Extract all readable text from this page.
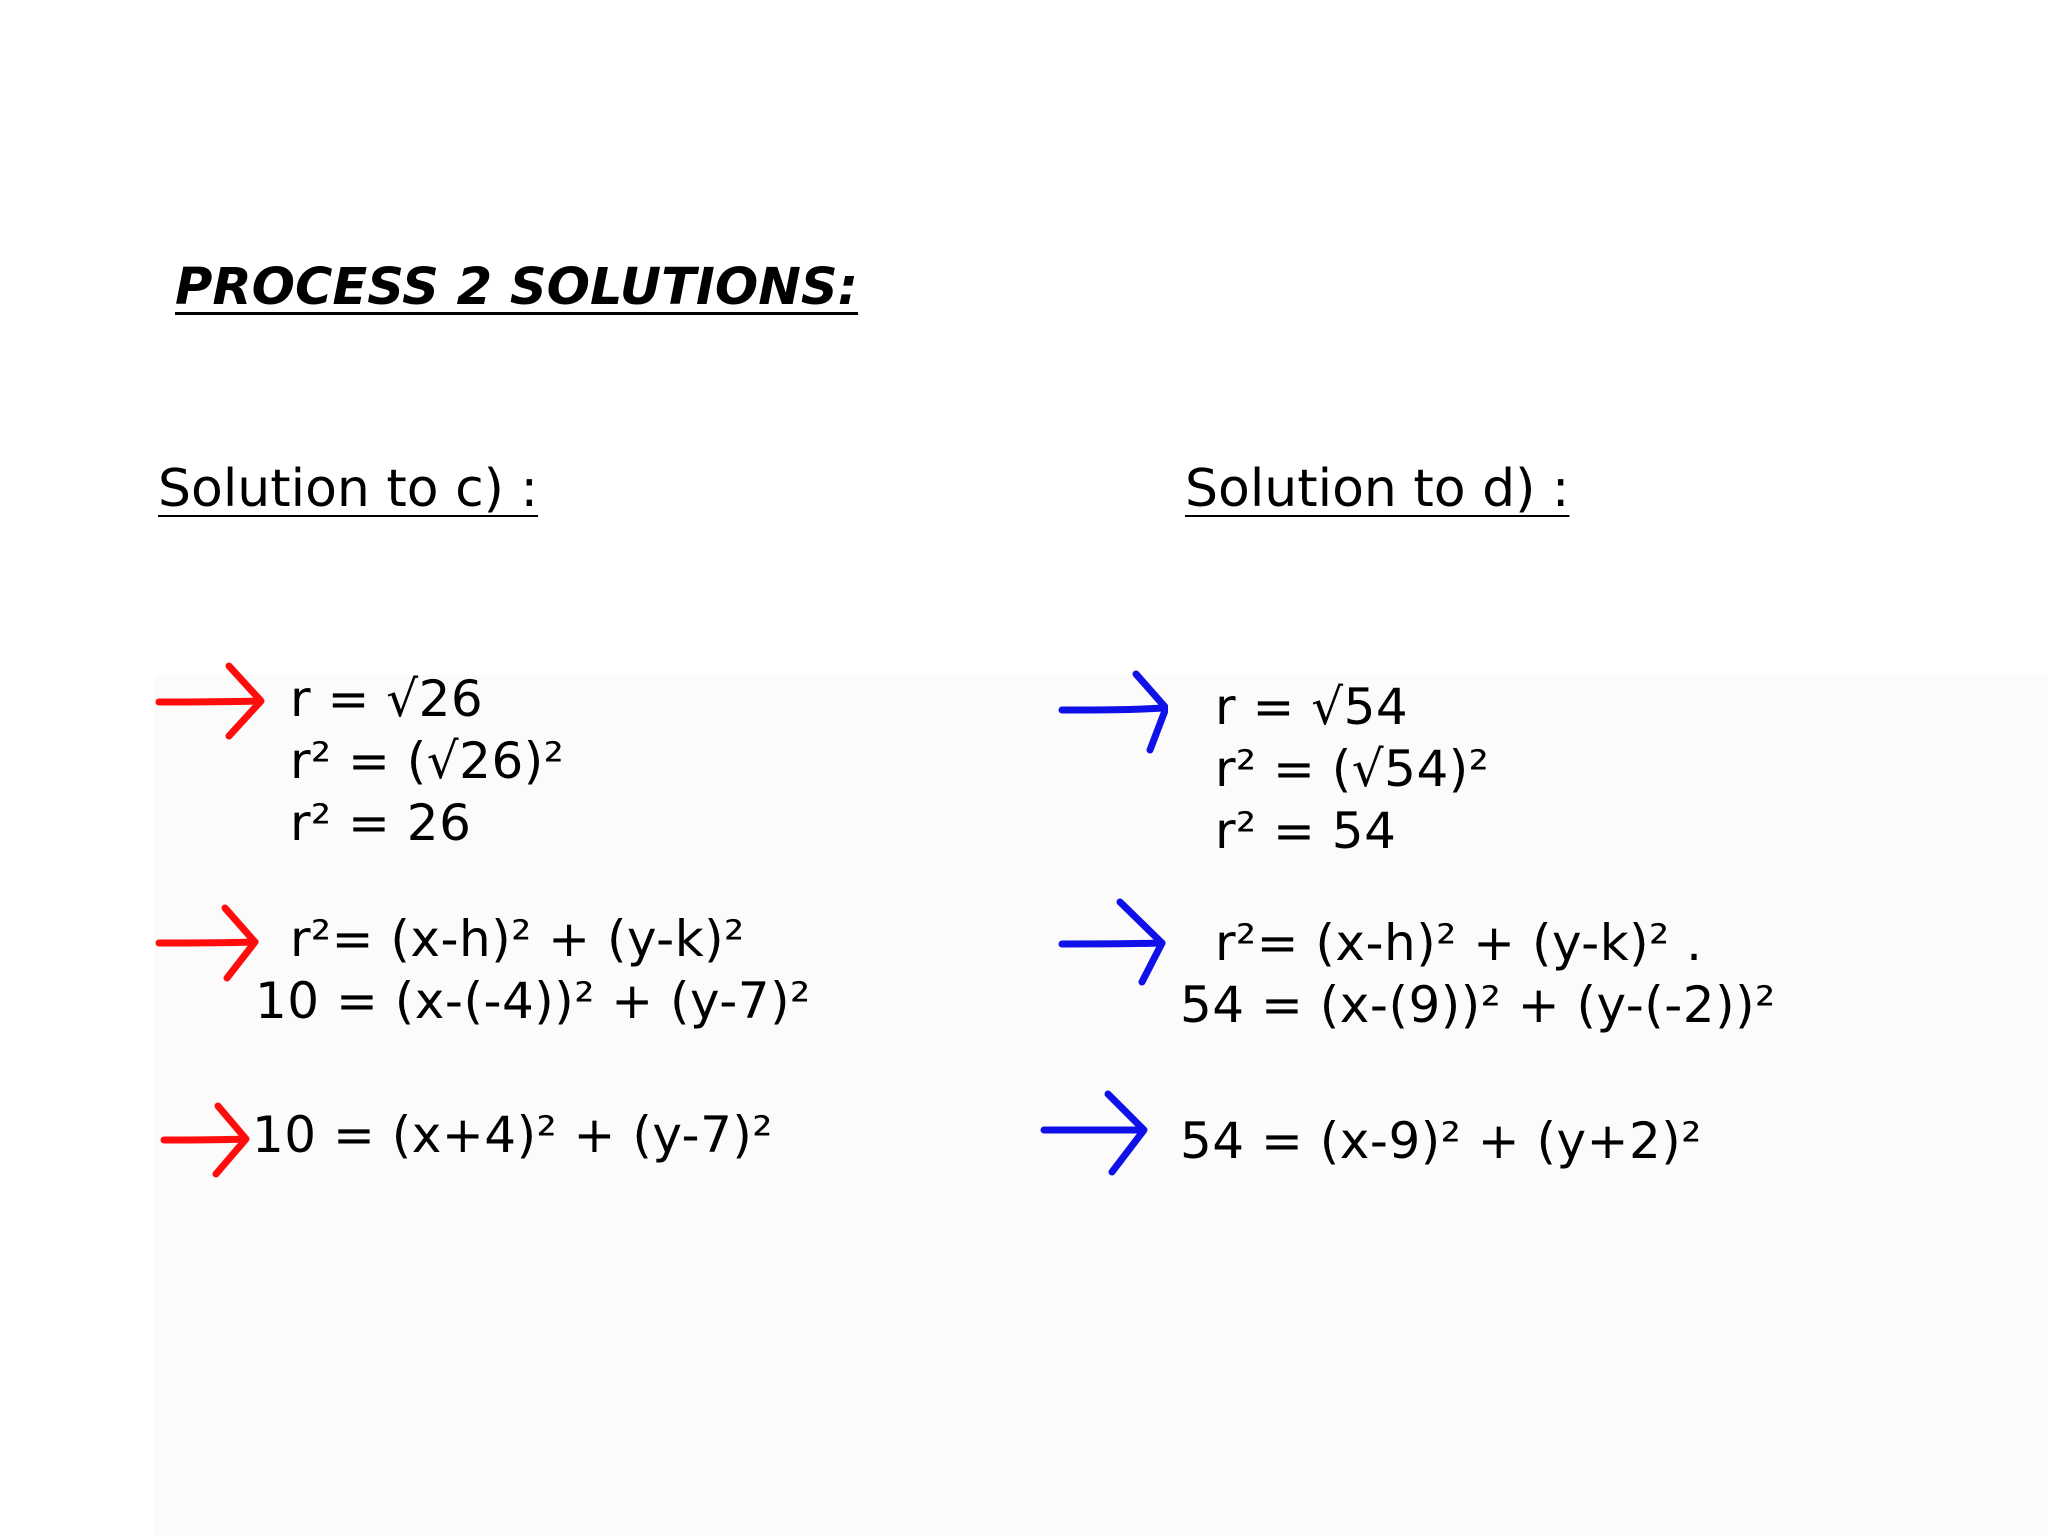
PROCESS 2 SOLUTIONS:
Solution to c) :
r = √26
r² = (√26)²
r² = 26
r²= (x-h)² + (y-k)²
10 = (x-(-4))² + (y-7)²
10 = (x+4)² + (y-7)²
Solution to d) :
r = √54
r² = (√54)²
r² = 54
r²= (x-h)² + (y-k)² .
54 = (x-(9))² + (y-(-2))²
54 = (x-9)² + (y+2)²
